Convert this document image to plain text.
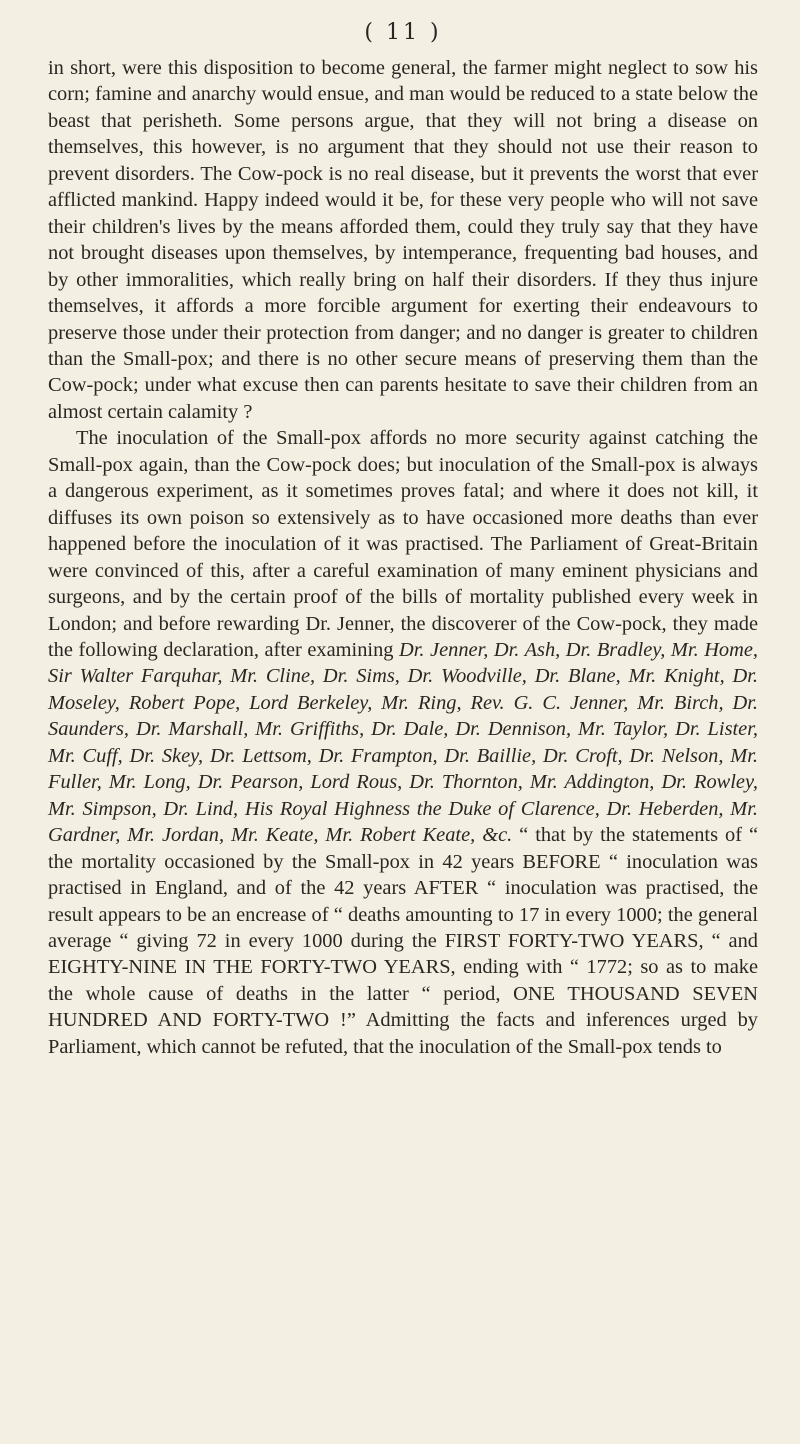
( 11 )

in short, were this disposition to become general, the farmer might neglect to sow his corn; famine and anarchy would ensue, and man would be reduced to a state below the beast that perisheth. Some persons argue, that they will not bring a disease on themselves, this however, is no argument that they should not use their reason to prevent disorders. The Cow-pock is no real disease, but it prevents the worst that ever afflicted mankind. Happy indeed would it be, for these very people who will not save their children's lives by the means afforded them, could they truly say that they have not brought diseases upon themselves, by intemperance, frequenting bad houses, and by other immoralities, which really bring on half their disorders. If they thus injure themselves, it affords a more forcible argument for exerting their endeavours to preserve those under their protection from danger; and no danger is greater to children than the Small-pox; and there is no other secure means of preserving them than the Cow-pock; under what excuse then can parents hesitate to save their children from an almost certain calamity ?

The inoculation of the Small-pox affords no more security against catching the Small-pox again, than the Cow-pock does; but inoculation of the Small-pox is always a dangerous experiment, as it sometimes proves fatal; and where it does not kill, it diffuses its own poison so extensively as to have occasioned more deaths than ever happened before the inoculation of it was practised. The Parliament of Great-Britain were convinced of this, after a careful examination of many eminent physicians and surgeons, and by the certain proof of the bills of mortality published every week in London; and before rewarding Dr. Jenner, the discoverer of the Cow-pock, they made the following declaration, after examining Dr. Jenner, Dr. Ash, Dr. Bradley, Mr. Home, Sir Walter Farquhar, Mr. Cline, Dr. Sims, Dr. Woodville, Dr. Blane, Mr. Knight, Dr. Moseley, Robert Pope, Lord Berkeley, Mr. Ring, Rev. G. C. Jenner, Mr. Birch, Dr. Saunders, Dr. Marshall, Mr. Griffiths, Dr. Dale, Dr. Dennison, Mr. Taylor, Dr. Lister, Mr. Cuff, Dr. Skey, Dr. Lettsom, Dr. Frampton, Dr. Baillie, Dr. Croft, Dr. Nelson, Mr. Fuller, Mr. Long, Dr. Pearson, Lord Rous, Dr. Thornton, Mr. Addington, Dr. Rowley, Mr. Simpson, Dr. Lind, His Royal Highness the Duke of Clarence, Dr. Heberden, Mr. Gardner, Mr. Jordan, Mr. Keate, Mr. Robert Keate, &c. “ that by the statements of “ the mortality occasioned by the Small-pox in 42 years BEFORE “ inoculation was practised in England, and of the 42 years AFTER “ inoculation was practised, the result appears to be an encrease of “ deaths amounting to 17 in every 1000; the general average “ giving 72 in every 1000 during the FIRST FORTY-TWO YEARS, “ and EIGHTY-NINE IN THE FORTY-TWO YEARS, ending with “ 1772; so as to make the whole cause of deaths in the latter “ period, ONE THOUSAND SEVEN HUNDRED AND FORTY-TWO !” Admitting the facts and inferences urged by Parliament, which cannot be refuted, that the inoculation of the Small-pox tends to
